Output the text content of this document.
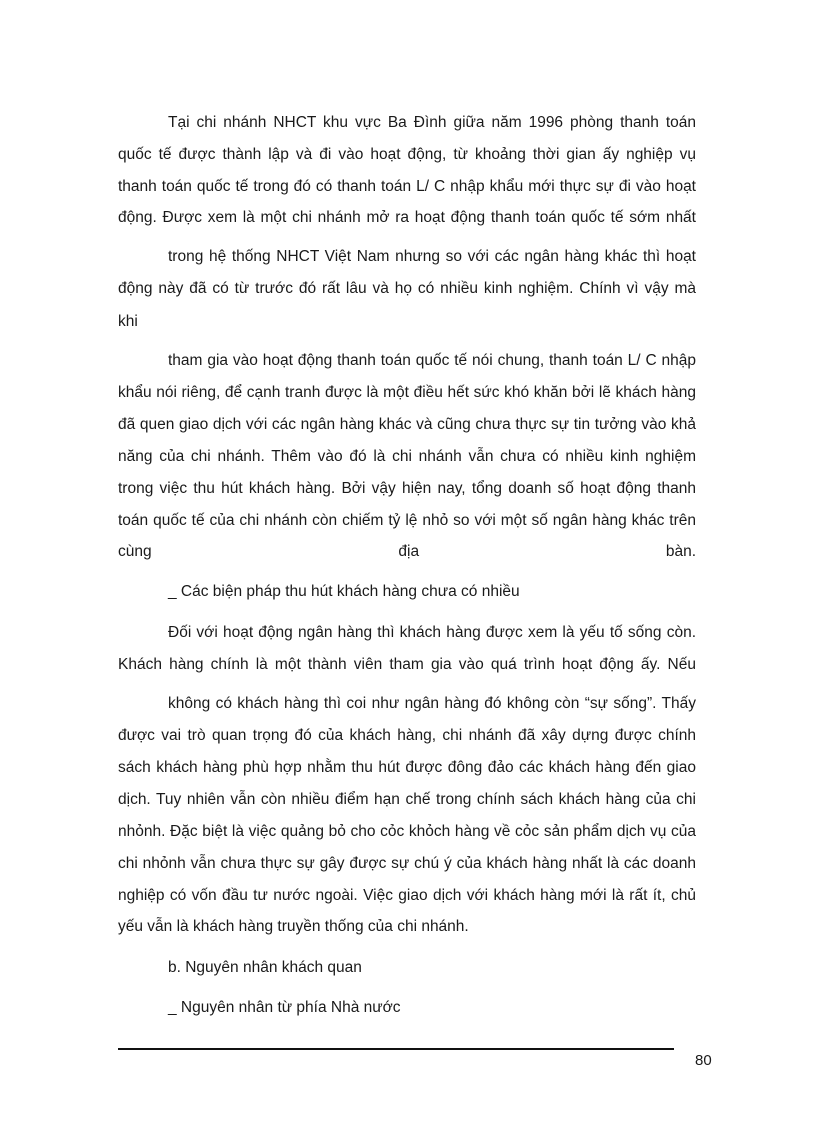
Tại chi nhánh NHCT khu vực Ba Đình giữa năm 1996 phòng thanh toán
quốc tế được thành lập và đi vào hoạt động, từ khoảng thời gian ấy nghiệp vụ
thanh toán quốc tế trong đó có thanh toán L/ C nhập khẩu mới thực sự đi vào hoạt
động. Được xem là một chi nhánh mở ra hoạt động thanh toán quốc tế sớm nhất
trong hệ thống NHCT Việt Nam nhưng so với các ngân hàng khác thì hoạt
động này đã có từ trước đó rất lâu và họ có nhiều kinh nghiệm. Chính vì vậy mà
khi
tham gia vào hoạt động thanh toán quốc tế nói chung, thanh toán L/ C nhập
khẩu nói riêng, để cạnh tranh được là một điều hết sức khó khăn bởi lẽ khách hàng
đã quen giao dịch với các ngân hàng khác và cũng chưa thực sự tin tưởng vào khả
năng của chi nhánh. Thêm vào đó là chi nhánh vẫn chưa có nhiều kinh nghiệm
trong việc thu hút khách hàng. Bởi vậy hiện nay, tổng doanh số hoạt động thanh
toán quốc tế của chi nhánh còn chiếm tỷ lệ nhỏ so với một số ngân hàng khác trên
cùng địa bàn.
_ Các biện pháp thu hút khách hàng chưa có nhiều
Đối với hoạt động ngân hàng thì khách hàng được xem là yếu tố sống còn.
Khách hàng chính là một thành viên tham gia vào quá trình hoạt động ấy. Nếu
không có khách hàng thì coi như ngân hàng đó không còn “sự sống”. Thấy
được vai trò quan trọng đó của khách hàng, chi nhánh đã xây dựng được chính
sách khách hàng phù hợp nhằm thu hút được đông đảo các khách hàng đến giao
dịch. Tuy nhiên vẫn còn nhiều điểm hạn chế trong chính sách khách hàng của chi
nhỏnh. Đặc biệt là việc quảng bỏ cho cỏc khỏch hàng về cỏc sản phẩm dịch vụ của
chi nhỏnh vẫn chưa thực sự gây được sự chú ý của khách hàng nhất là các doanh
nghiệp có vốn đầu tư nước ngoài. Việc giao dịch với khách hàng mới là rất ít, chủ
yếu vẫn là khách hàng truyền thống của chi nhánh.
b. Nguyên nhân khách quan
_ Nguyên nhân từ phía Nhà nước
80
